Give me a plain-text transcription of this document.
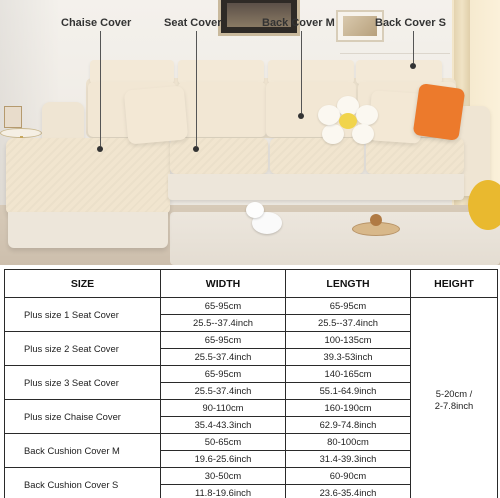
Chaise Cover	Seat Cover	Back Cover M	Back Cover S
SIZE	WIDTH	LENGTH	HEIGHT
Plus size 1 Seat Cover	65-95cm	65-95cm	5-20cm /
2-7.8inch
	25.5--37.4inch	25.5--37.4inch	
Plus size 2 Seat Cover	65-95cm	100-135cm	
	25.5-37.4inch	39.3-53inch	
Plus size 3 Seat Cover	65-95cm	140-165cm	
	25.5-37.4inch	55.1-64.9inch	
Plus size Chaise Cover	90-110cm	160-190cm	
	35.4-43.3inch	62.9-74.8inch	
Back Cushion Cover M	50-65cm	80-100cm	
	19.6-25.6inch	31.4-39.3inch	
Back Cushion Cover S	30-50cm	60-90cm	
	11.8-19.6inch	23.6-35.4inch	
